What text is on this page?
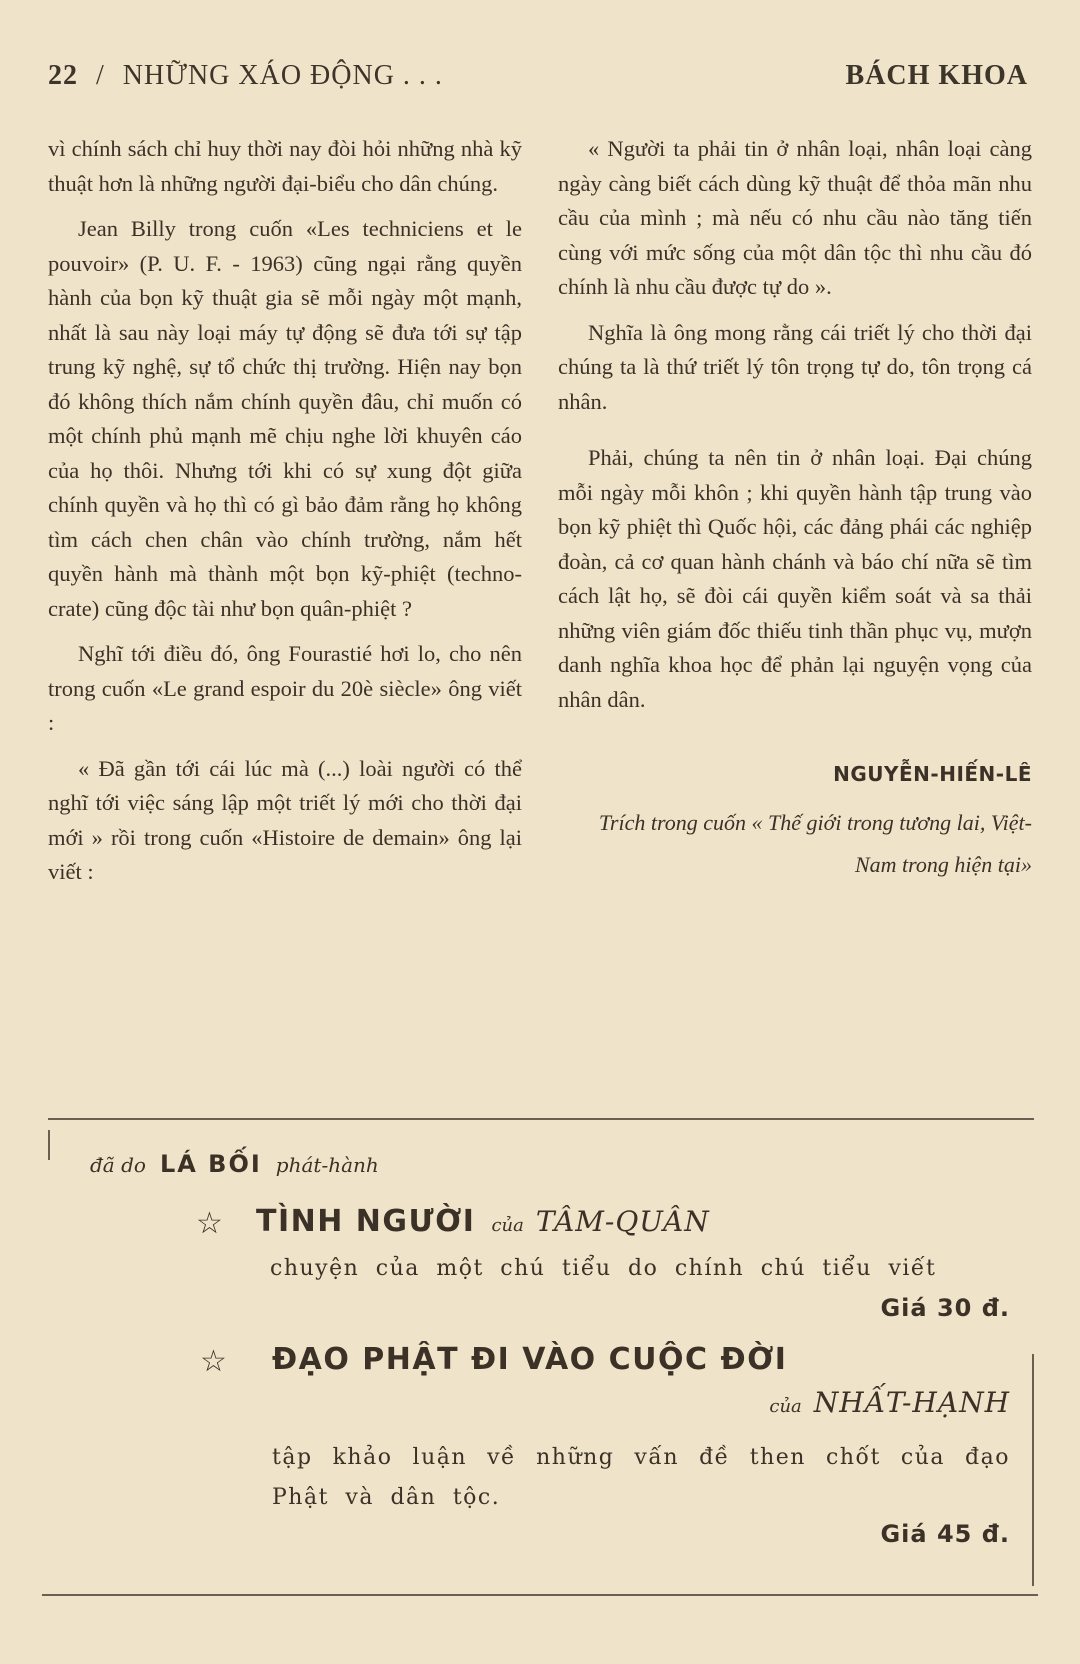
22 / NHỮNG XÁO ĐỘNG . . .	BÁCH KHOA

vì chính sách chỉ huy thời nay đòi hỏi những nhà kỹ thuật hơn là những người đại-biểu cho dân chúng.

Jean Billy trong cuốn «Les techniciens et le pouvoir» (P. U. F. - 1963) cũng ngại rằng quyền hành của bọn kỹ thuật gia sẽ mỗi ngày một mạnh, nhất là sau này loại máy tự động sẽ đưa tới sự tập trung kỹ nghệ, sự tổ chức thị trường. Hiện nay bọn đó không thích nắm chính quyền đâu, chỉ muốn có một chính phủ mạnh mẽ chịu nghe lời khuyên cáo của họ thôi. Nhưng tới khi có sự xung đột giữa chính quyền và họ thì có gì bảo đảm rằng họ không tìm cách chen chân vào chính trường, nắm hết quyền hành mà thành một bọn kỹ-phiệt (techno-crate) cũng độc tài như bọn quân-phiệt ?

Nghĩ tới điều đó, ông Fourastié hơi lo, cho nên trong cuốn «Le grand espoir du 20è siècle» ông viết :

« Đã gần tới cái lúc mà (...) loài người có thể nghĩ tới việc sáng lập một triết lý mới cho thời đại mới » rồi trong cuốn «Histoire de demain» ông lại viết :

« Người ta phải tin ở nhân loại, nhân loại càng ngày càng biết cách dùng kỹ thuật để thỏa mãn nhu cầu của mình ; mà nếu có nhu cầu nào tăng tiến cùng với mức sống của một dân tộc thì nhu cầu đó chính là nhu cầu được tự do ».

Nghĩa là ông mong rằng cái triết lý cho thời đại chúng ta là thứ triết lý tôn trọng tự do, tôn trọng cá nhân.

Phải, chúng ta nên tin ở nhân loại. Đại chúng mỗi ngày mỗi khôn ; khi quyền hành tập trung vào bọn kỹ phiệt thì Quốc hội, các đảng phái các nghiệp đoàn, cả cơ quan hành chánh và báo chí nữa sẽ tìm cách lật họ, sẽ đòi cái quyền kiểm soát và sa thải những viên giám đốc thiếu tinh thần phục vụ, mượn danh nghĩa khoa học để phản lại nguyện vọng của nhân dân.

NGUYỄN-HIẾN-LÊ
Trích trong cuốn « Thế giới trong tương lai, Việt-Nam trong hiện tại»
đã do LÁ BỐI phát-hành
☆ TÌNH NGƯỜI của TÂM-QUÂN
chuyện của một chú tiểu do chính chú tiểu viết
Giá 30 đ.
☆ ĐẠO PHẬT ĐI VÀO CUỘC ĐỜI
của NHẤT-HẠNH
tập khảo luận về những vấn đề then chốt của đạo Phật và dân tộc.
Giá 45 đ.
